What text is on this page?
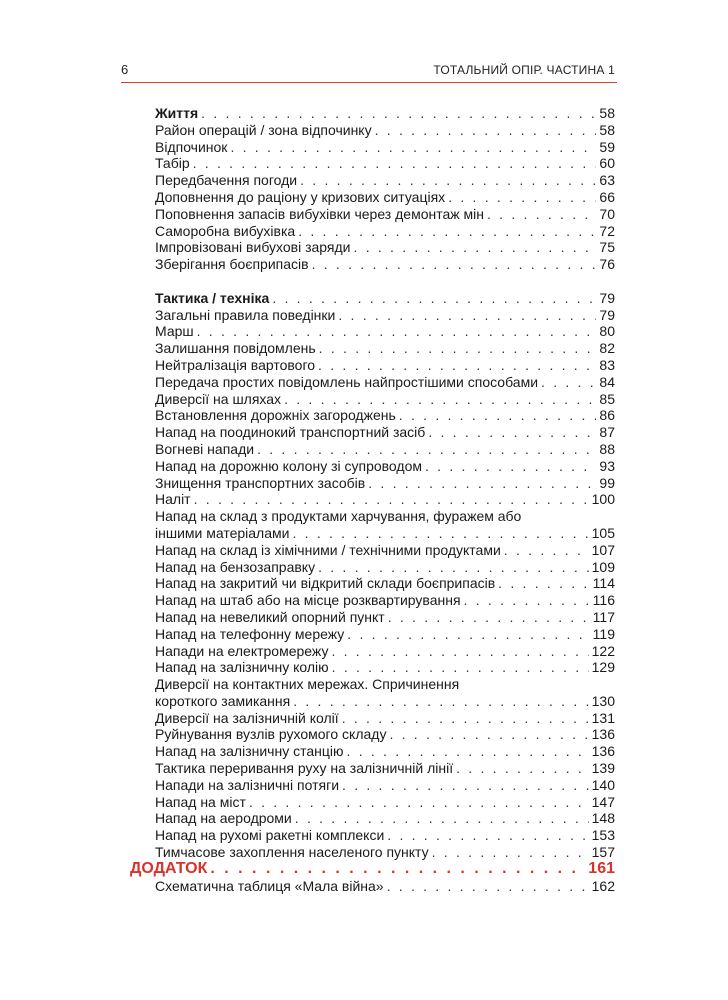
6	ТОТАЛЬНИЙ ОПІР. ЧАСТИНА 1
Життя . . .	58
Район операцій / зона відпочинку . . .	58
Відпочинок . . .	59
Табір . . .	60
Передбачення погоди . . .	63
Доповнення до раціону у кризових ситуаціях . . .	66
Поповнення запасів вибухівки через демонтаж мін . . .	70
Саморобна вибухівка . . .	72
Імпровізовані вибухові заряди . . .	75
Зберігання боєприпасів . . .	76
Тактика / техніка . . .	79
Загальні правила поведінки . . .	79
Марш . . .	80
Залишання повідомлень . . .	82
Нейтралізація вартового . . .	83
Передача простих повідомлень найпростішими способами . . .	84
Диверсії на шляхах . . .	85
Встановлення дорожніх загороджень . . .	86
Напад на поодинокий транспортний засіб . . .	87
Вогневі напади . . .	88
Напад на дорожню колону зі супроводом . . .	93
Знищення транспортних засобів . . .	99
Наліт . . .	100
Напад на склад з продуктами харчування, фуражем або
іншими матеріалами . . .	105
Напад на склад із хімічними / технічними продуктами . . .	107
Напад на бензозаправку . . .	109
Напад на закритий чи відкритий склади боєприпасів . . .	114
Напад на штаб або на місце розквартирування . . .	116
Напад на невеликий опорний пункт . . .	117
Напад на телефонну мережу . . .	119
Напади на електромережу . . .	122
Напад на залізничну колію . . .	129
Диверсії на контактних мережах. Спричинення
короткого замикання . . .	130
Диверсії на залізничній колії . . .	131
Руйнування вузлів рухомого складу . . .	136
Напад на залізничну станцію . . .	136
Тактика переривання руху на залізничній лінії . . .	139
Напади на залізничні потяги . . .	140
Напад на міст . . .	147
Напад на аеродроми . . .	148
Напад на рухомі ракетні комплекси . . .	153
Тимчасове захоплення населеного пункту . . .	157
ДОДАТОК . . .	161
Схематична таблиця «Мала війна» . . .	162
